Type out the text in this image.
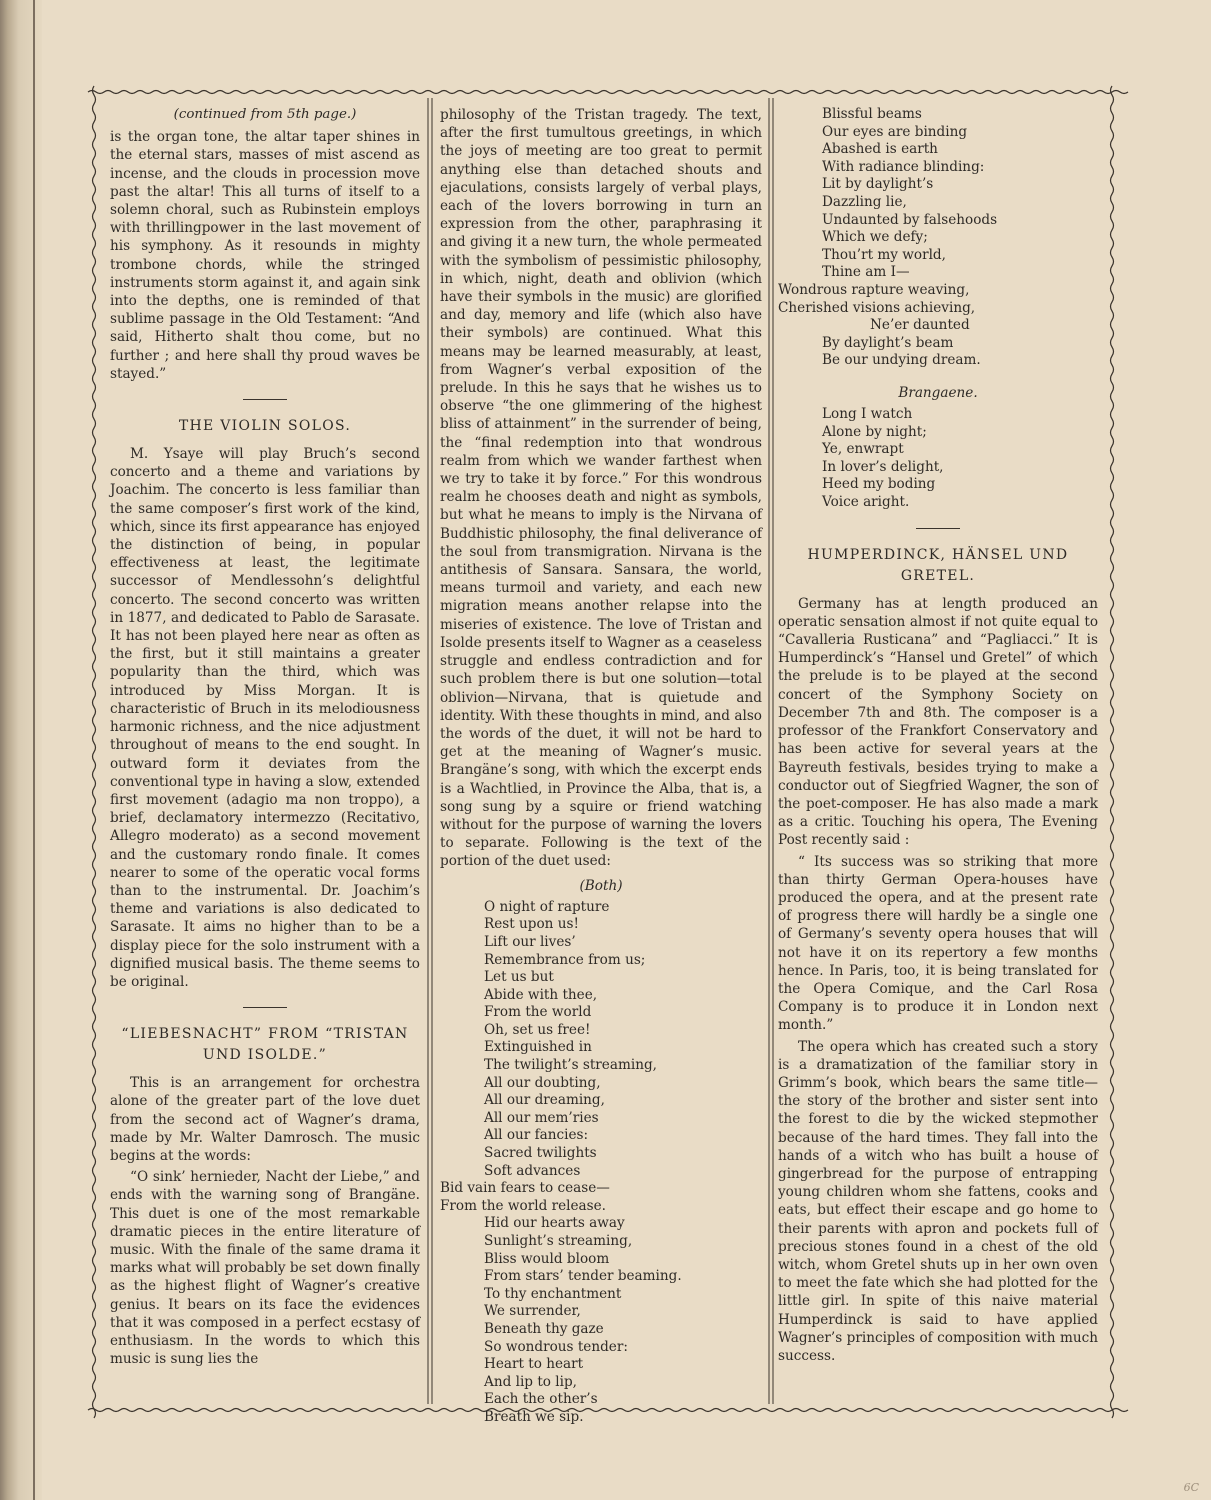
(continued from 5th page.)

is the organ tone, the altar taper shines in the eternal stars, masses of mist ascend as incense, and the clouds in procession move past the altar! This all turns of itself to a solemn choral, such as Rubinstein employs with thrillingpower in the last movement of his symphony. As it resounds in mighty trombone chords, while the stringed instruments storm against it, and again sink into the depths, one is reminded of that sublime passage in the Old Testament: “And said, Hitherto shalt thou come, but no further ; and here shall thy proud waves be stayed.”

THE VIOLIN SOLOS.

M. Ysaye will play Bruch’s second concerto and a theme and variations by Joachim. The concerto is less familiar than the same composer’s first work of the kind, which, since its first appearance has enjoyed the distinction of being, in popular effectiveness at least, the legitimate successor of Mendlessohn’s delightful concerto. The second concerto was written in 1877, and dedicated to Pablo de Sarasate. It has not been played here near as often as the first, but it still maintains a greater popularity than the third, which was introduced by Miss Morgan. It is characteristic of Bruch in its melodiousness harmonic richness, and the nice adjustment throughout of means to the end sought. In outward form it deviates from the conventional type in having a slow, extended first movement (adagio ma non troppo), a brief, declamatory intermezzo (Recitativo, Allegro moderato) as a second movement and the customary rondo finale. It comes nearer to some of the operatic vocal forms than to the instrumental. Dr. Joachim’s theme and variations is also dedicated to Sarasate. It aims no higher than to be a display piece for the solo instrument with a dignified musical basis. The theme seems to be original.

“LIEBESNACHT” FROM “TRISTAN UND ISOLDE.”

This is an arrangement for orchestra alone of the greater part of the love duet from the second act of Wagner’s drama, made by Mr. Walter Damrosch. The music begins at the words:

“O sink’ hernieder, Nacht der Liebe,” and ends with the warning song of Brangäne. This duet is one of the most remarkable dramatic pieces in the entire literature of music. With the finale of the same drama it marks what will probably be set down finally as the highest flight of Wagner’s creative genius. It bears on its face the evidences that it was composed in a perfect ecstasy of enthusiasm. In the words to which this music is sung lies the

philosophy of the Tristan tragedy. The text, after the first tumultous greetings, in which the joys of meeting are too great to permit anything else than detached shouts and ejaculations, consists largely of verbal plays, each of the lovers borrowing in turn an expression from the other, paraphrasing it and giving it a new turn, the whole permeated with the symbolism of pessimistic philosophy, in which, night, death and oblivion (which have their symbols in the music) are glorified and day, memory and life (which also have their symbols) are continued. What this means may be learned measurably, at least, from Wagner’s verbal exposition of the prelude. In this he says that he wishes us to observe “the one glimmering of the highest bliss of attainment” in the surrender of being, the “final redemption into that wondrous realm from which we wander farthest when we try to take it by force.” For this wondrous realm he chooses death and night as symbols, but what he means to imply is the Nirvana of Buddhistic philosophy, the final deliverance of the soul from transmigration. Nirvana is the antithesis of Sansara. Sansara, the world, means turmoil and variety, and each new migration means another relapse into the miseries of existence. The love of Tristan and Isolde presents itself to Wagner as a ceaseless struggle and endless contradiction and for such problem there is but one solution—total oblivion—Nirvana, that is quietude and identity. With these thoughts in mind, and also the words of the duet, it will not be hard to get at the meaning of Wagner’s music. Brangäne’s song, with which the excerpt ends is a Wachtlied, in Province the Alba, that is, a song sung by a squire or friend watching without for the purpose of warning the lovers to separate. Following is the text of the portion of the duet used:

(Both)
O night of rapture
Rest upon us!
Lift our lives’
Remembrance from us;
Let us but
Abide with thee,
From the world
Oh, set us free!
Extinguished in
The twilight’s streaming,
All our doubting,
All our dreaming,
All our mem’ries
All our fancies:
Sacred twilights
Soft advances
Bid vain fears to cease—
From the world release.
Hid our hearts away
Sunlight’s streaming,
Bliss would bloom
From stars’ tender beaming.
To thy enchantment
We surrender,
Beneath thy gaze
So wondrous tender:
Heart to heart
And lip to lip,
Each the other’s
Breath we sip.
Blissful beams
Our eyes are binding
Abashed is earth
With radiance blinding:
Lit by daylight’s
Dazzling lie,
Undaunted by falsehoods
Which we defy;
Thou’rt my world,
Thine am I—
Wondrous rapture weaving,
Cherished visions achieving,
Ne’er daunted
By daylight’s beam
Be our undying dream.
Brangaene.
Long I watch
Alone by night;
Ye, enwrapt
In lover’s delight,
Heed my boding
Voice aright.
HUMPERDINCK, HÄNSEL UND GRETEL.

Germany has at length produced an operatic sensation almost if not quite equal to “Cavalleria Rusticana” and “Pagliacci.” It is Humperdinck’s “Hansel und Gretel” of which the prelude is to be played at the second concert of the Symphony Society on December 7th and 8th. The composer is a professor of the Frankfort Conservatory and has been active for several years at the Bayreuth festivals, besides trying to make a conductor out of Siegfried Wagner, the son of the poet-composer. He has also made a mark as a critic. Touching his opera, The Evening Post recently said :

“ Its success was so striking that more than thirty German Opera-houses have produced the opera, and at the present rate of progress there will hardly be a single one of Germany’s seventy opera houses that will not have it on its repertory a few months hence. In Paris, too, it is being translated for the Opera Comique, and the Carl Rosa Company is to produce it in London next month.”

The opera which has created such a story is a dramatization of the familiar story in Grimm’s book, which bears the same title—the story of the brother and sister sent into the forest to die by the wicked stepmother because of the hard times. They fall into the hands of a witch who has built a house of gingerbread for the purpose of entrapping young children whom she fattens, cooks and eats, but effect their escape and go home to their parents with apron and pockets full of precious stones found in a chest of the old witch, whom Gretel shuts up in her own oven to meet the fate which she had plotted for the little girl. In spite of this naive material Humperdinck is said to have applied Wagner’s principles of composition with much success.

6C
